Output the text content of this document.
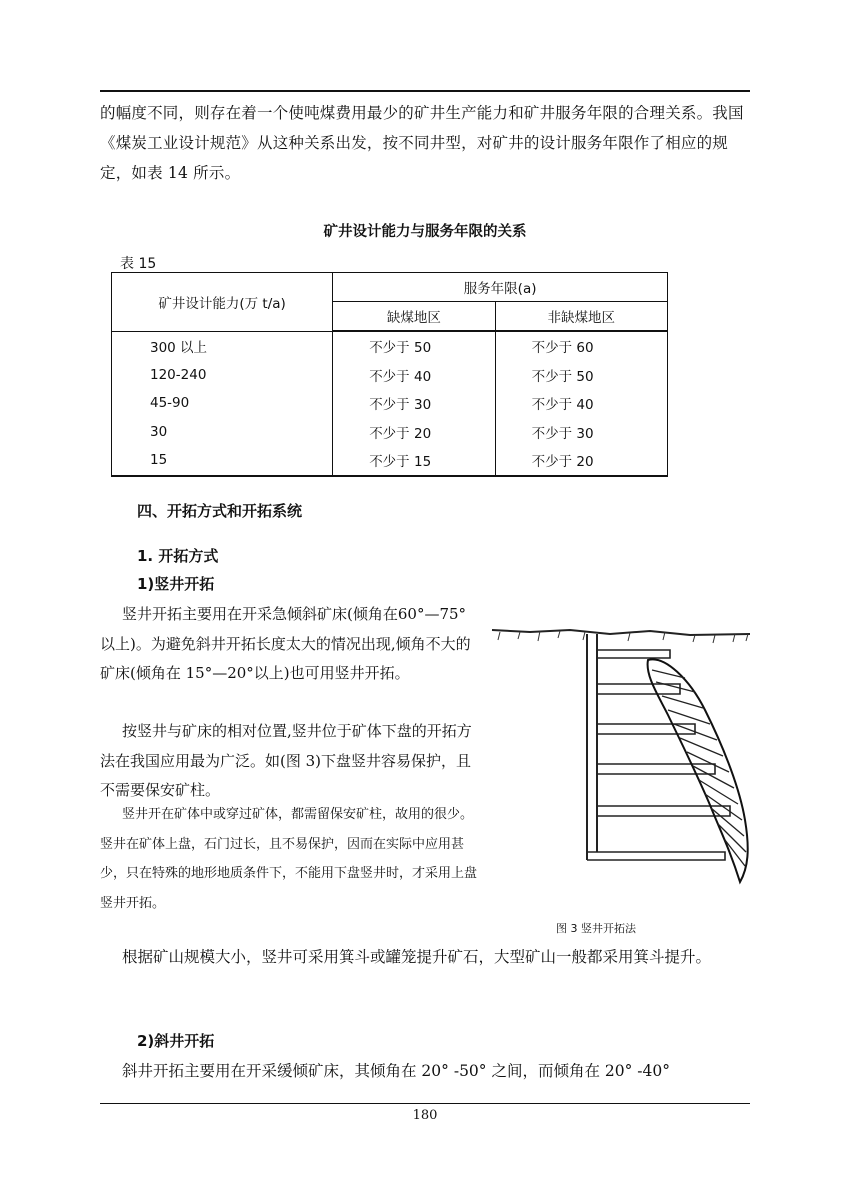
的幅度不同，则存在着一个使吨煤费用最少的矿井生产能力和矿井服务年限的合理关系。我国《煤炭工业设计规范》从这种关系出发，按不同井型，对矿井的设计服务年限作了相应的规定，如表 14 所示。
矿井设计能力与服务年限的关系
表 15
矿井设计能力(万 t/a)	服务年限(a)	
	缺煤地区	非缺煤地区
300 以上	不少于 50	不少于 60
120-240	不少于 40	不少于 50
45-90	不少于 30	不少于 40
30	不少于 20	不少于 30
15	不少于 15	不少于 20
四、开拓方式和开拓系统
1. 开拓方式
1)竖井开拓
竖井开拓主要用在开采急倾斜矿床(倾角在60°—75°以上)。为避免斜井开拓长度太大的情况出现,倾角不大的矿床(倾角在 15°—20°以上)也可用竖井开拓。
按竖井与矿床的相对位置,竖井位于矿体下盘的开拓方法在我国应用最为广泛。如(图 3)下盘竖井容易保护，且不需要保安矿柱。
竖井开在矿体中或穿过矿体，都需留保安矿柱，故用的很少。竖井在矿体上盘，石门过长，且不易保护，因而在实际中应用甚少，只在特殊的地形地质条件下，不能用下盘竖井时，才采用上盘竖井开拓。
图 3 竖井开拓法
根据矿山规模大小，竖井可采用箕斗或罐笼提升矿石，大型矿山一般都采用箕斗提升。
2)斜井开拓
斜井开拓主要用在开采缓倾矿床，其倾角在 20° -50° 之间，而倾角在 20° -40°
180
